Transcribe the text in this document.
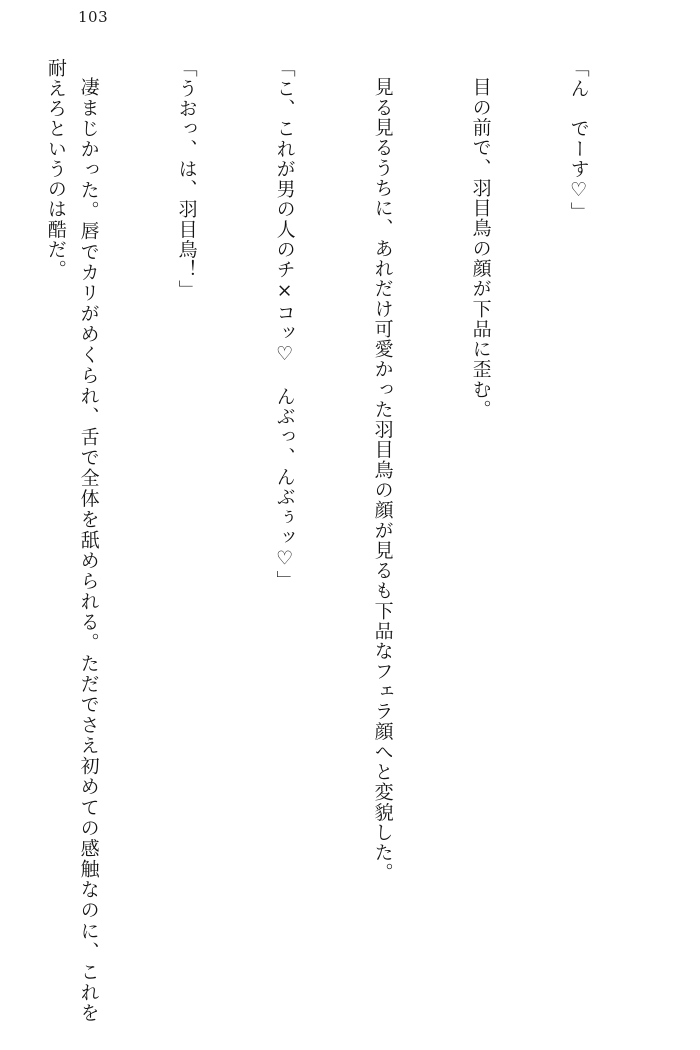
103

「ん　でーす♡」

目の前で、羽目鳥の顔が下品に歪む。

見る見るうちに、あれだけ可愛かった羽目鳥の顔が見るも下品なフェラ顔へと変貌した。

「こ、これが男の人のチ×コッ♡　んぶっ、んぶぅッ♡」

「うおっ、は、羽目鳥！」

凄まじかった。唇でカリがめくられ、舌で全体を舐められる。ただでさえ初めての感触なのに、これを耐えろというのは酷だ。
